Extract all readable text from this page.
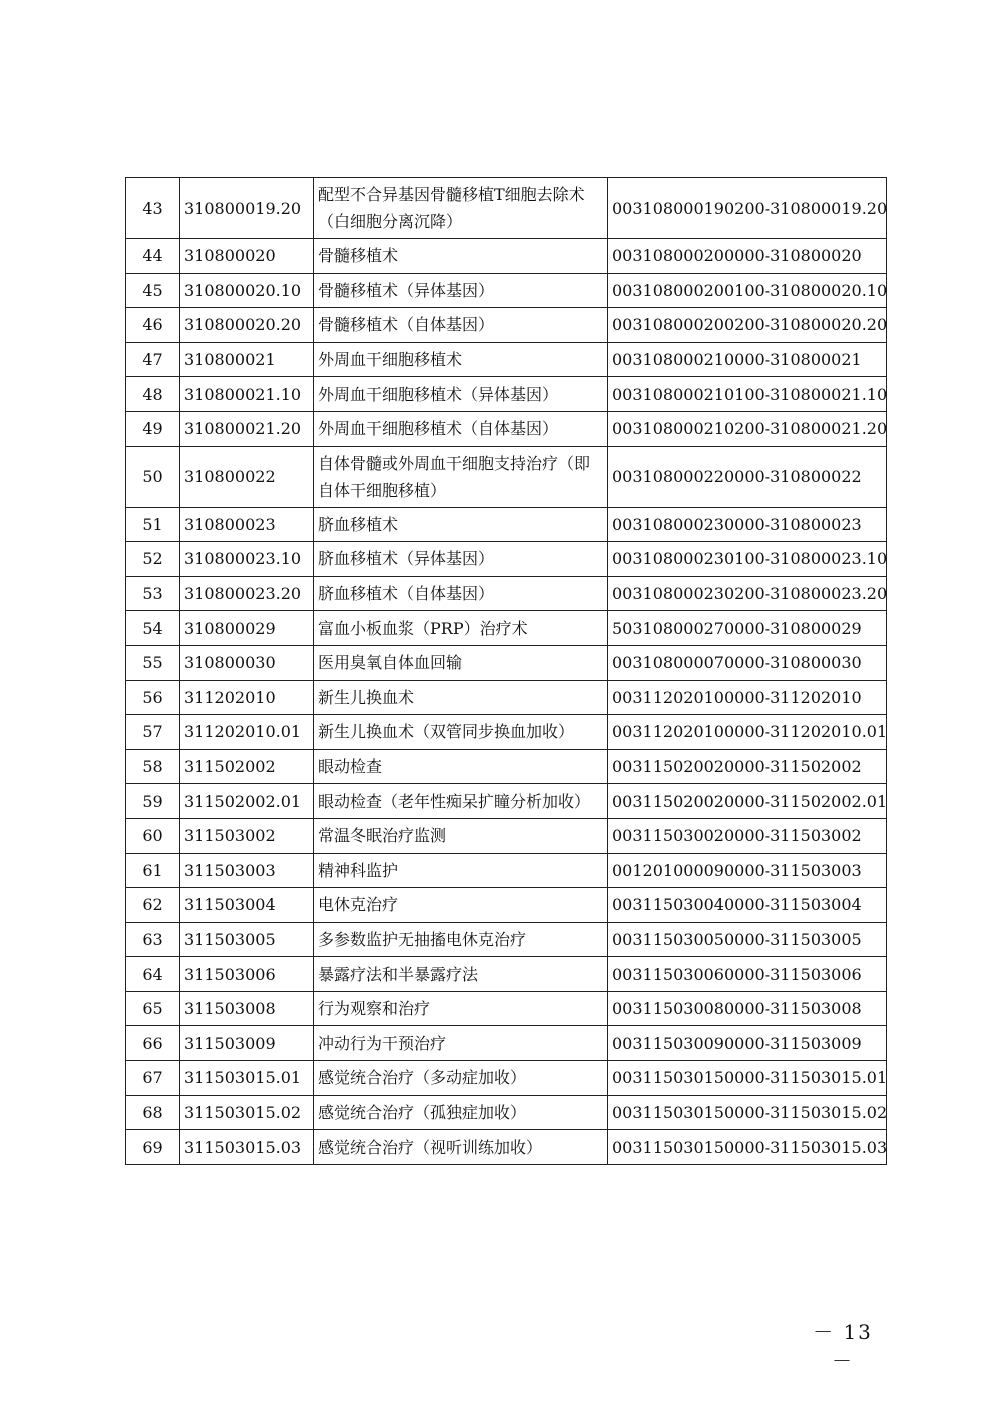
43	310800019.20	配型不合异基因骨髓移植T细胞去除术（白细胞分离沉降）	003108000190200-310800019.20
44	310800020	骨髓移植术	003108000200000-310800020
45	310800020.10	骨髓移植术（异体基因）	003108000200100-310800020.10
46	310800020.20	骨髓移植术（自体基因）	003108000200200-310800020.20
47	310800021	外周血干细胞移植术	003108000210000-310800021
48	310800021.10	外周血干细胞移植术（异体基因）	003108000210100-310800021.10
49	310800021.20	外周血干细胞移植术（自体基因）	003108000210200-310800021.20
50	310800022	自体骨髓或外周血干细胞支持治疗（即自体干细胞移植）	003108000220000-310800022
51	310800023	脐血移植术	003108000230000-310800023
52	310800023.10	脐血移植术（异体基因）	003108000230100-310800023.10
53	310800023.20	脐血移植术（自体基因）	003108000230200-310800023.20
54	310800029	富血小板血浆（PRP）治疗术	503108000270000-310800029
55	310800030	医用臭氧自体血回输	003108000070000-310800030
56	311202010	新生儿换血术	003112020100000-311202010
57	311202010.01	新生儿换血术（双管同步换血加收）	003112020100000-311202010.01
58	311502002	眼动检查	003115020020000-311502002
59	311502002.01	眼动检查（老年性痴呆扩瞳分析加收）	003115020020000-311502002.01
60	311503002	常温冬眠治疗监测	003115030020000-311503002
61	311503003	精神科监护	001201000090000-311503003
62	311503004	电休克治疗	003115030040000-311503004
63	311503005	多参数监护无抽搐电休克治疗	003115030050000-311503005
64	311503006	暴露疗法和半暴露疗法	003115030060000-311503006
65	311503008	行为观察和治疗	003115030080000-311503008
66	311503009	冲动行为干预治疗	003115030090000-311503009
67	311503015.01	感觉统合治疗（多动症加收）	003115030150000-311503015.01
68	311503015.02	感觉统合治疗（孤独症加收）	003115030150000-311503015.02
69	311503015.03	感觉统合治疗（视听训练加收）	003115030150000-311503015.03
－ 13 －
